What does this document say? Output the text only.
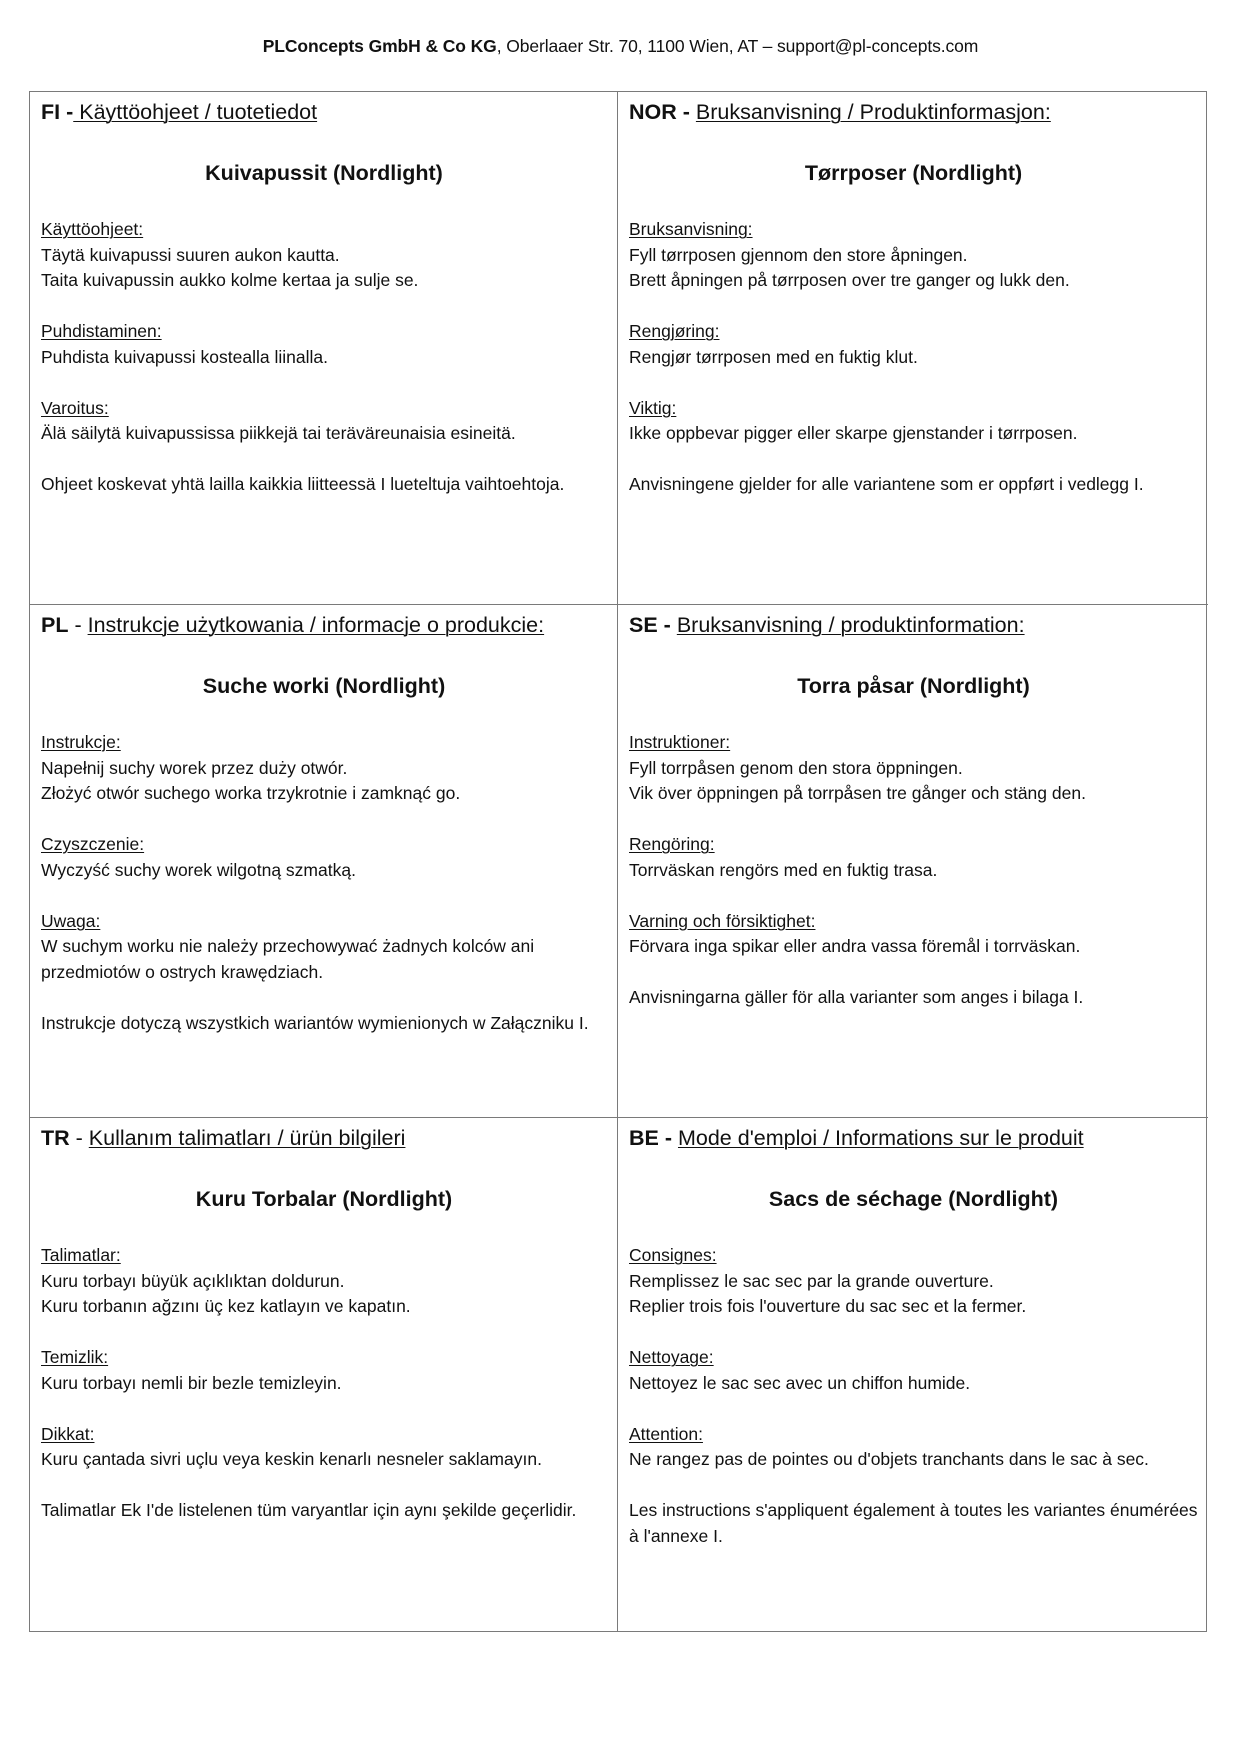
PLConcepts GmbH & Co KG, Oberlaaer Str. 70, 1100 Wien, AT – support@pl-concepts.com
FI - Käyttöohjeet / tuotetiedot
Kuivapussit (Nordlight)
Käyttöohjeet:
Täytä kuivapussi suuren aukon kautta.
Taita kuivapussin aukko kolme kertaa ja sulje se.
Puhdistaminen:
Puhdista kuivapussi kostealla liinalla.
Varoitus:
Älä säilytä kuivapussissa piikkejä tai teräväreunaisia esineitä.
Ohjeet koskevat yhtä lailla kaikkia liitteessä I lueteltuja vaihtoehtoja.
NOR - Bruksanvisning / Produktinformasjon:
Tørrposer (Nordlight)
Bruksanvisning:
Fyll tørrposen gjennom den store åpningen.
Brett åpningen på tørrposen over tre ganger og lukk den.
Rengjøring:
Rengjør tørrposen med en fuktig klut.
Viktig:
Ikke oppbevar pigger eller skarpe gjenstander i tørrposen.
Anvisningene gjelder for alle variantene som er oppført i vedlegg I.
PL - Instrukcje użytkowania / informacje o produkcie:
Suche worki (Nordlight)
Instrukcje:
Napełnij suchy worek przez duży otwór.
Złożyć otwór suchego worka trzykrotnie i zamknąć go.
Czyszczenie:
Wyczyść suchy worek wilgotną szmatką.
Uwaga:
W suchym worku nie należy przechowywać żadnych kolców ani przedmiotów o ostrych krawędziach.
Instrukcje dotyczą wszystkich wariantów wymienionych w Załączniku I.
SE - Bruksanvisning / produktinformation:
Torra påsar (Nordlight)
Instruktioner:
Fyll torrpåsen genom den stora öppningen.
Vik över öppningen på torrpåsen tre gånger och stäng den.
Rengöring:
Torrväskan rengörs med en fuktig trasa.
Varning och försiktighet:
Förvara inga spikar eller andra vassa föremål i torrväskan.
Anvisningarna gäller för alla varianter som anges i bilaga I.
TR - Kullanım talimatları / ürün bilgileri
Kuru Torbalar (Nordlight)
Talimatlar:
Kuru torbayı büyük açıklıktan doldurun.
Kuru torbanın ağzını üç kez katlayın ve kapatın.
Temizlik:
Kuru torbayı nemli bir bezle temizleyin.
Dikkat:
Kuru çantada sivri uçlu veya keskin kenarlı nesneler saklamayın.
Talimatlar Ek I'de listelenen tüm varyantlar için aynı şekilde geçerlidir.
BE - Mode d'emploi / Informations sur le produit
Sacs de séchage (Nordlight)
Consignes:
Remplissez le sac sec par la grande ouverture.
Replier trois fois l'ouverture du sac sec et la fermer.
Nettoyage:
Nettoyez le sac sec avec un chiffon humide.
Attention:
Ne rangez pas de pointes ou d'objets tranchants dans le sac à sec.
Les instructions s'appliquent également à toutes les variantes énumérées à l'annexe I.
